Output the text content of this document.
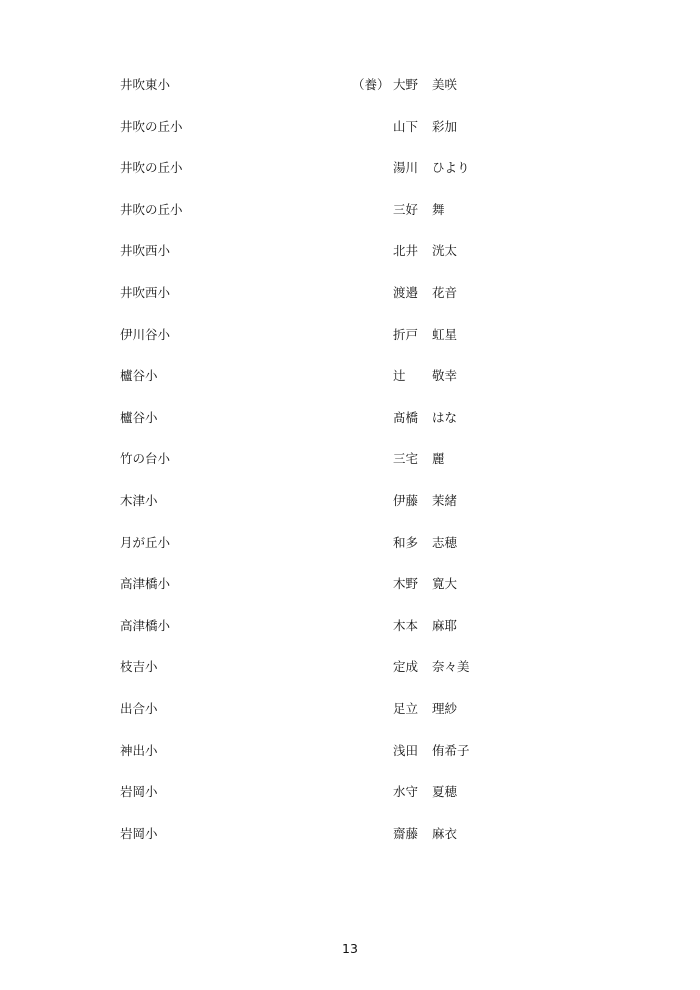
井吹東小	（養） 大野 美咲
井吹の丘小	山下 彩加
井吹の丘小	湯川 ひより
井吹の丘小	三好 舞
井吹西小	北井 洸太
井吹西小	渡邉 花音
伊川谷小	折戸 虹星
櫨谷小	辻 敬幸
櫨谷小	髙橋 はな
竹の台小	三宅 麗
木津小	伊藤 茉緒
月が丘小	和多 志穂
高津橋小	木野 寛大
高津橋小	木本 麻耶
枝吉小	定成 奈々美
出合小	足立 理紗
神出小	浅田 侑希子
岩岡小	水守 夏穂
岩岡小	齋藤 麻衣
13
